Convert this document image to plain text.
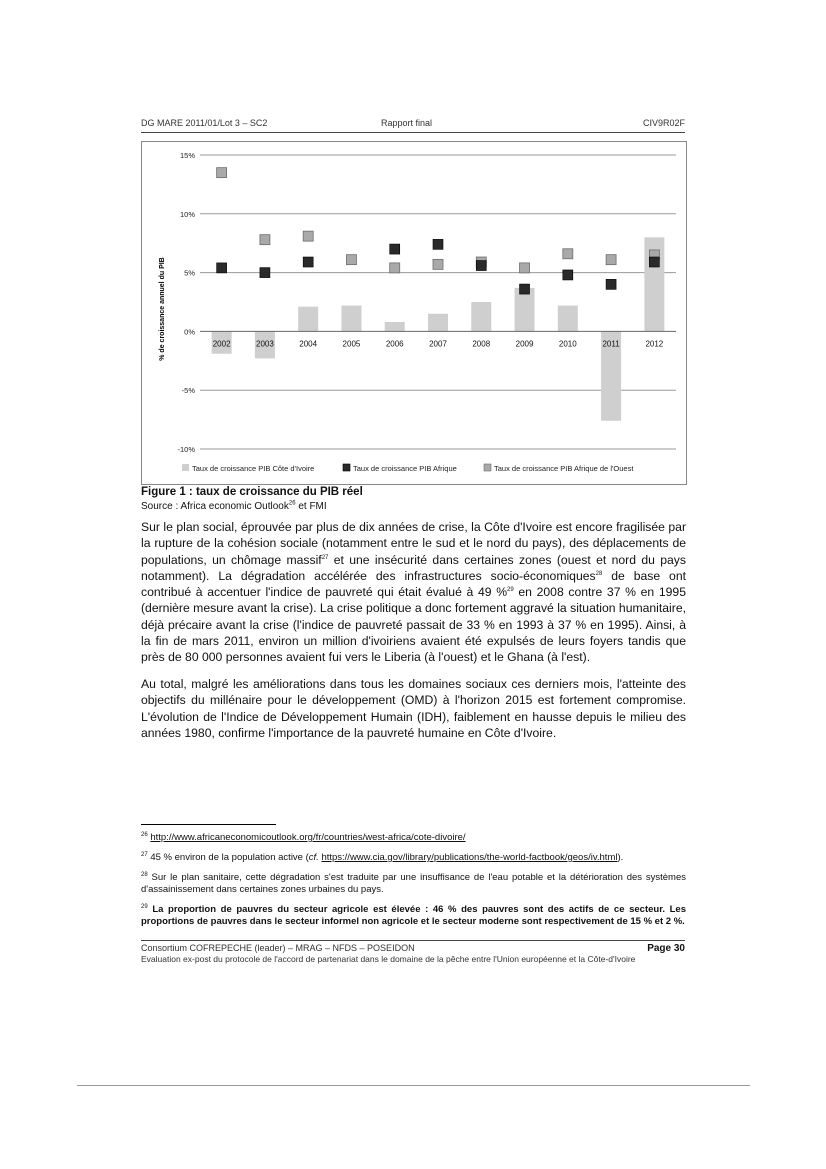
DG MARE 2011/01/Lot 3 – SC2	Rapport final	CIV9R02F
2002	2003	2004	2005	2006	2007	2008	2009	2010	2011	2012
-10%
-5%
0%
5%
10%
15%
% de croissance annuel du PIB
Taux de croissance PIB Côte d'Ivoire	Taux de croissance PIB Afrique	Taux de croissance PIB Afrique de l'Ouest
Figure 1 : taux de croissance du PIB réel
Source : Africa economic Outlook$^{26}$ et FMI

Sur le plan social, éprouvée par plus de dix années de crise, la Côte d'Ivoire est encore fragilisée par la rupture de la cohésion sociale (notamment entre le sud et le nord du pays), des déplacements de populations, un chômage massif$^{27}$ et une insécurité dans certaines zones (ouest et nord du pays notamment). La dégradation accélérée des infrastructures socio-économiques$^{28}$ de base ont contribué à accentuer l'indice de pauvreté qui était évalué à 49 %$^{29}$ en 2008 contre 37 % en 1995 (dernière mesure avant la crise). La crise politique a donc fortement aggravé la situation humanitaire, déjà précaire avant la crise (l'indice de pauvreté passait de 33 % en 1993 à 37 % en 1995). Ainsi, à la fin de mars 2011, environ un million d'ivoiriens avaient été expulsés de leurs foyers tandis que près de 80 000 personnes avaient fui vers le Liberia (à l'ouest) et le Ghana (à l'est).

Au total, malgré les améliorations dans tous les domaines sociaux ces derniers mois, l'atteinte des objectifs du millénaire pour le développement (OMD) à l'horizon 2015 est fortement compromise. L'évolution de l'Indice de Développement Humain (IDH), faiblement en hausse depuis le milieu des années 1980, confirme l'importance de la pauvreté humaine en Côte d'Ivoire.

$^{26}$ http://www.africaneconomicoutlook.org/fr/countries/west-africa/cote-divoire/

$^{27}$ 45 % environ de la population active (cf. https://www.cia.gov/library/publications/the-world-factbook/geos/iv.html).

$^{28}$ Sur le plan sanitaire, cette dégradation s'est traduite par une insuffisance de l'eau potable et la détérioration des systèmes d'assainissement dans certaines zones urbaines du pays.

$^{29}$ La proportion de pauvres du secteur agricole est élevée : 46 % des pauvres sont des actifs de ce secteur. Les proportions de pauvres dans le secteur informel non agricole et le secteur moderne sont respectivement de 15 % et 2 %.

Consortium COFREPECHE (leader) – MRAG – NFDS – POSEIDON	Page 30
Evaluation ex-post du protocole de l'accord de partenariat dans le domaine de la pêche entre l'Union européenne et la Côte-d'Ivoire
